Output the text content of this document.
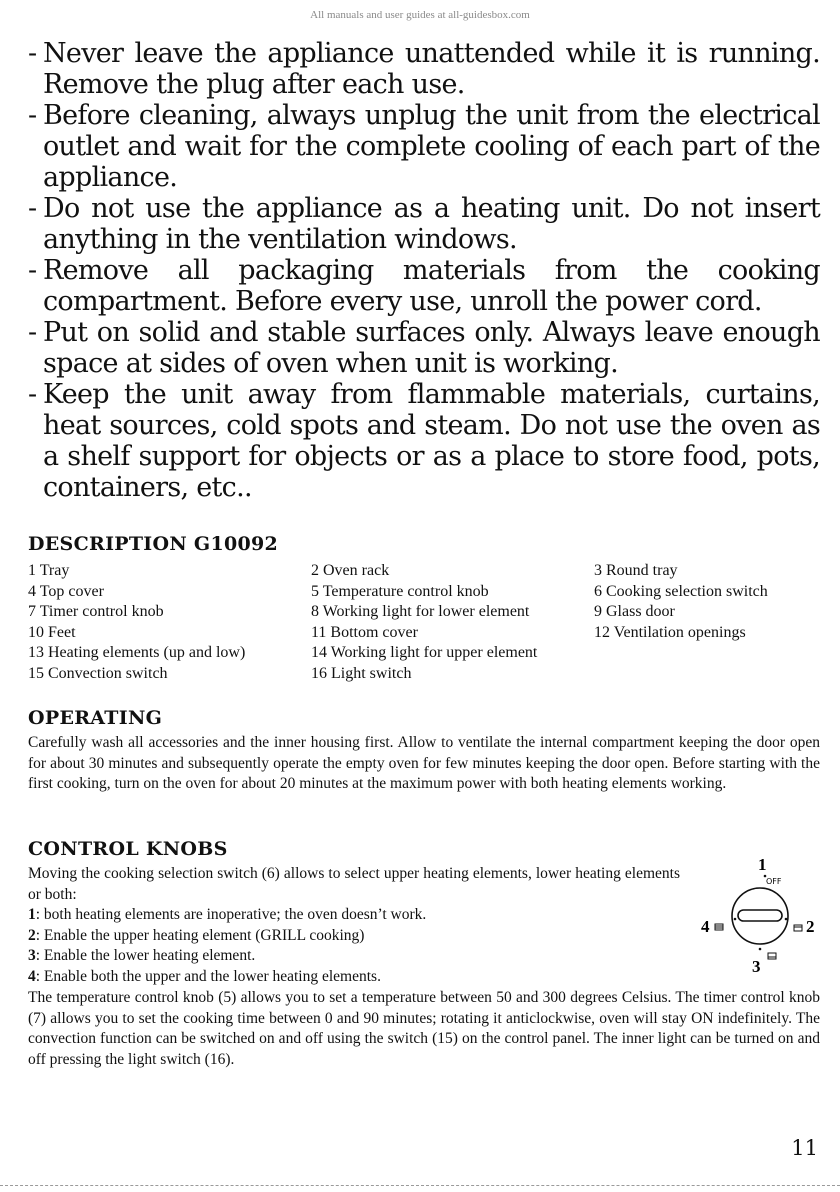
All manuals and user guides at all-guidesbox.com
- Never leave the appliance unattended while it is running. Remove the plug after each use.
- Before cleaning, always unplug the unit from the electrical outlet and wait for the complete cooling of each part of the appliance.
- Do not use the appliance as a heating unit. Do not insert anything in the ventilation windows.
- Remove all packaging materials from the cooking compartment. Before every use, unroll the power cord.
- Put on solid and stable surfaces only. Always leave enough space at sides of oven when unit is working.
- Keep the unit away from flammable materials, curtains, heat sources, cold spots and steam. Do not use the oven as a shelf support for objects or as a place to store food, pots, containers, etc..
DESCRIPTION G10092
1 Tray	2 Oven rack	3 Round tray
4 Top cover	5 Temperature control knob	6 Cooking selection switch
7 Timer control knob	8 Working light for lower element	9 Glass door
10 Feet	11 Bottom cover	12 Ventilation openings
13 Heating elements (up and low)	14 Working light for upper element
15 Convection switch	16 Light switch
OPERATING
Carefully wash all accessories and the inner housing first. Allow to ventilate the internal compartment keeping the door open for about 30 minutes and subsequently operate the empty oven for few minutes keeping the door open. Before starting with the first cooking, turn on the oven for about 20 minutes at the maximum power with both heating elements working.
CONTROL KNOBS
Moving the cooking selection switch (6) allows to select upper heating elements, lower heating elements or both:
1: both heating elements are inoperative; the oven doesn’t work.
2: Enable the upper heating element (GRILL cooking)
3: Enable the lower heating element.
4: Enable both the upper and the lower heating elements.
The temperature control knob (5) allows you to set a temperature between 50 and 300 degrees Celsius. The timer control knob (7) allows you to set the cooking time between 0 and 90 minutes; rotating it anticlockwise, oven will stay ON indefinitely. The convection function can be switched on and off using the switch (15) on the control panel. The inner light can be turned on and off pressing the light switch (16).
1
OFF
4	2
3
11
